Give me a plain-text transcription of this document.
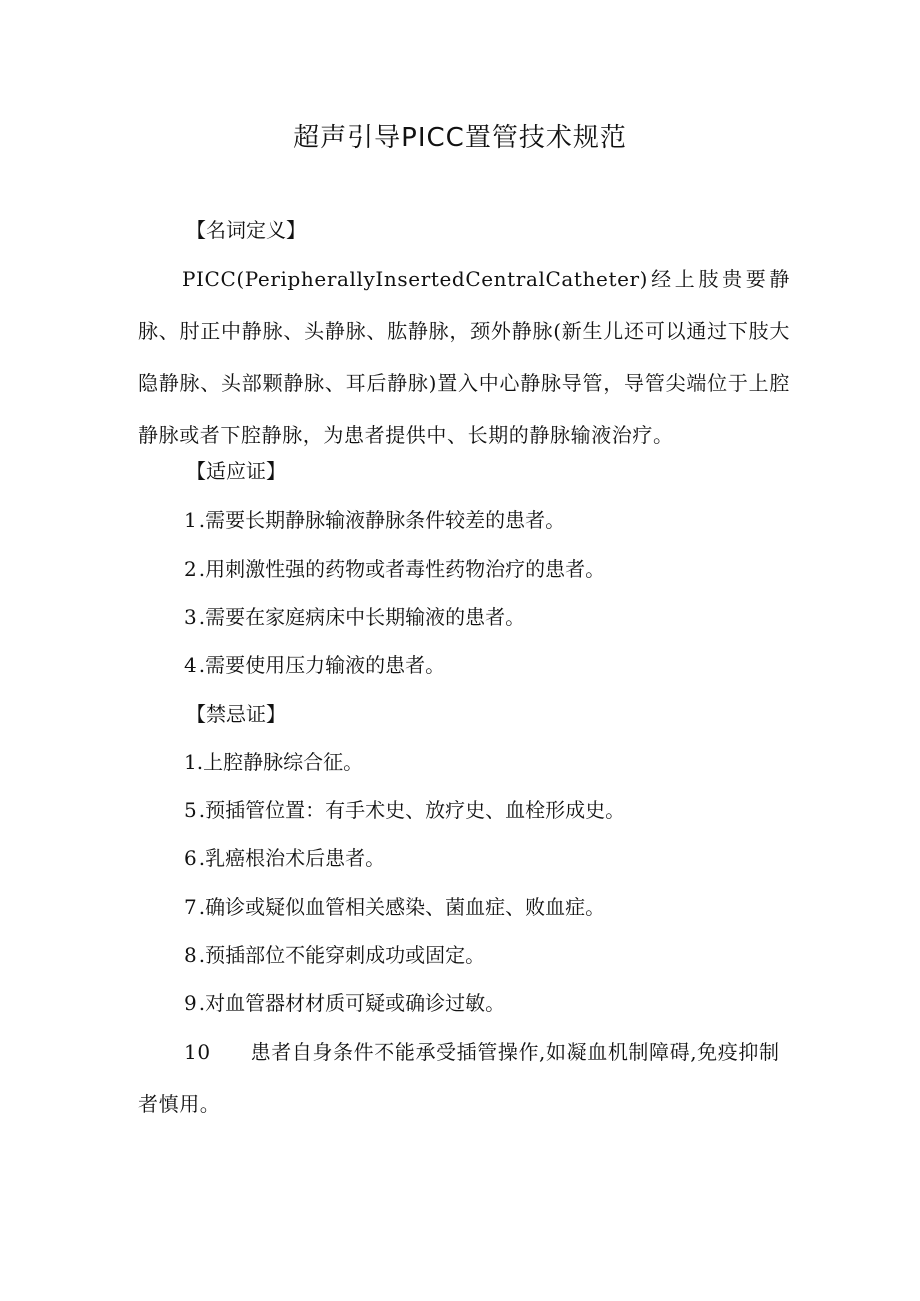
超声引导PICC置管技术规范
【名词定义】
PICC(PeripherallyInsertedCentralCatheter)经上肢贵要静脉、肘正中静脉、头静脉、肱静脉，颈外静脉(新生儿还可以通过下肢大隐静脉、头部颗静脉、耳后静脉)置入中心静脉导管，导管尖端位于上腔静脉或者下腔静脉，为患者提供中、长期的静脉输液治疗。
【适应证】
1 .需要长期静脉输液静脉条件较差的患者。
2 .用刺激性强的药物或者毒性药物治疗的患者。
3 .需要在家庭病床中长期输液的患者。
4 .需要使用压力输液的患者。
【禁忌证】
1.上腔静脉综合征。
5 .预插管位置：有手术史、放疗史、血栓形成史。
6 .乳癌根治术后患者。
7 .确诊或疑似血管相关感染、菌血症、败血症。
8 .预插部位不能穿刺成功或固定。
9 .对血管器材材质可疑或确诊过敏。
10 患者自身条件不能承受插管操作,如凝血机制障碍,免疫抑制者慎用。
